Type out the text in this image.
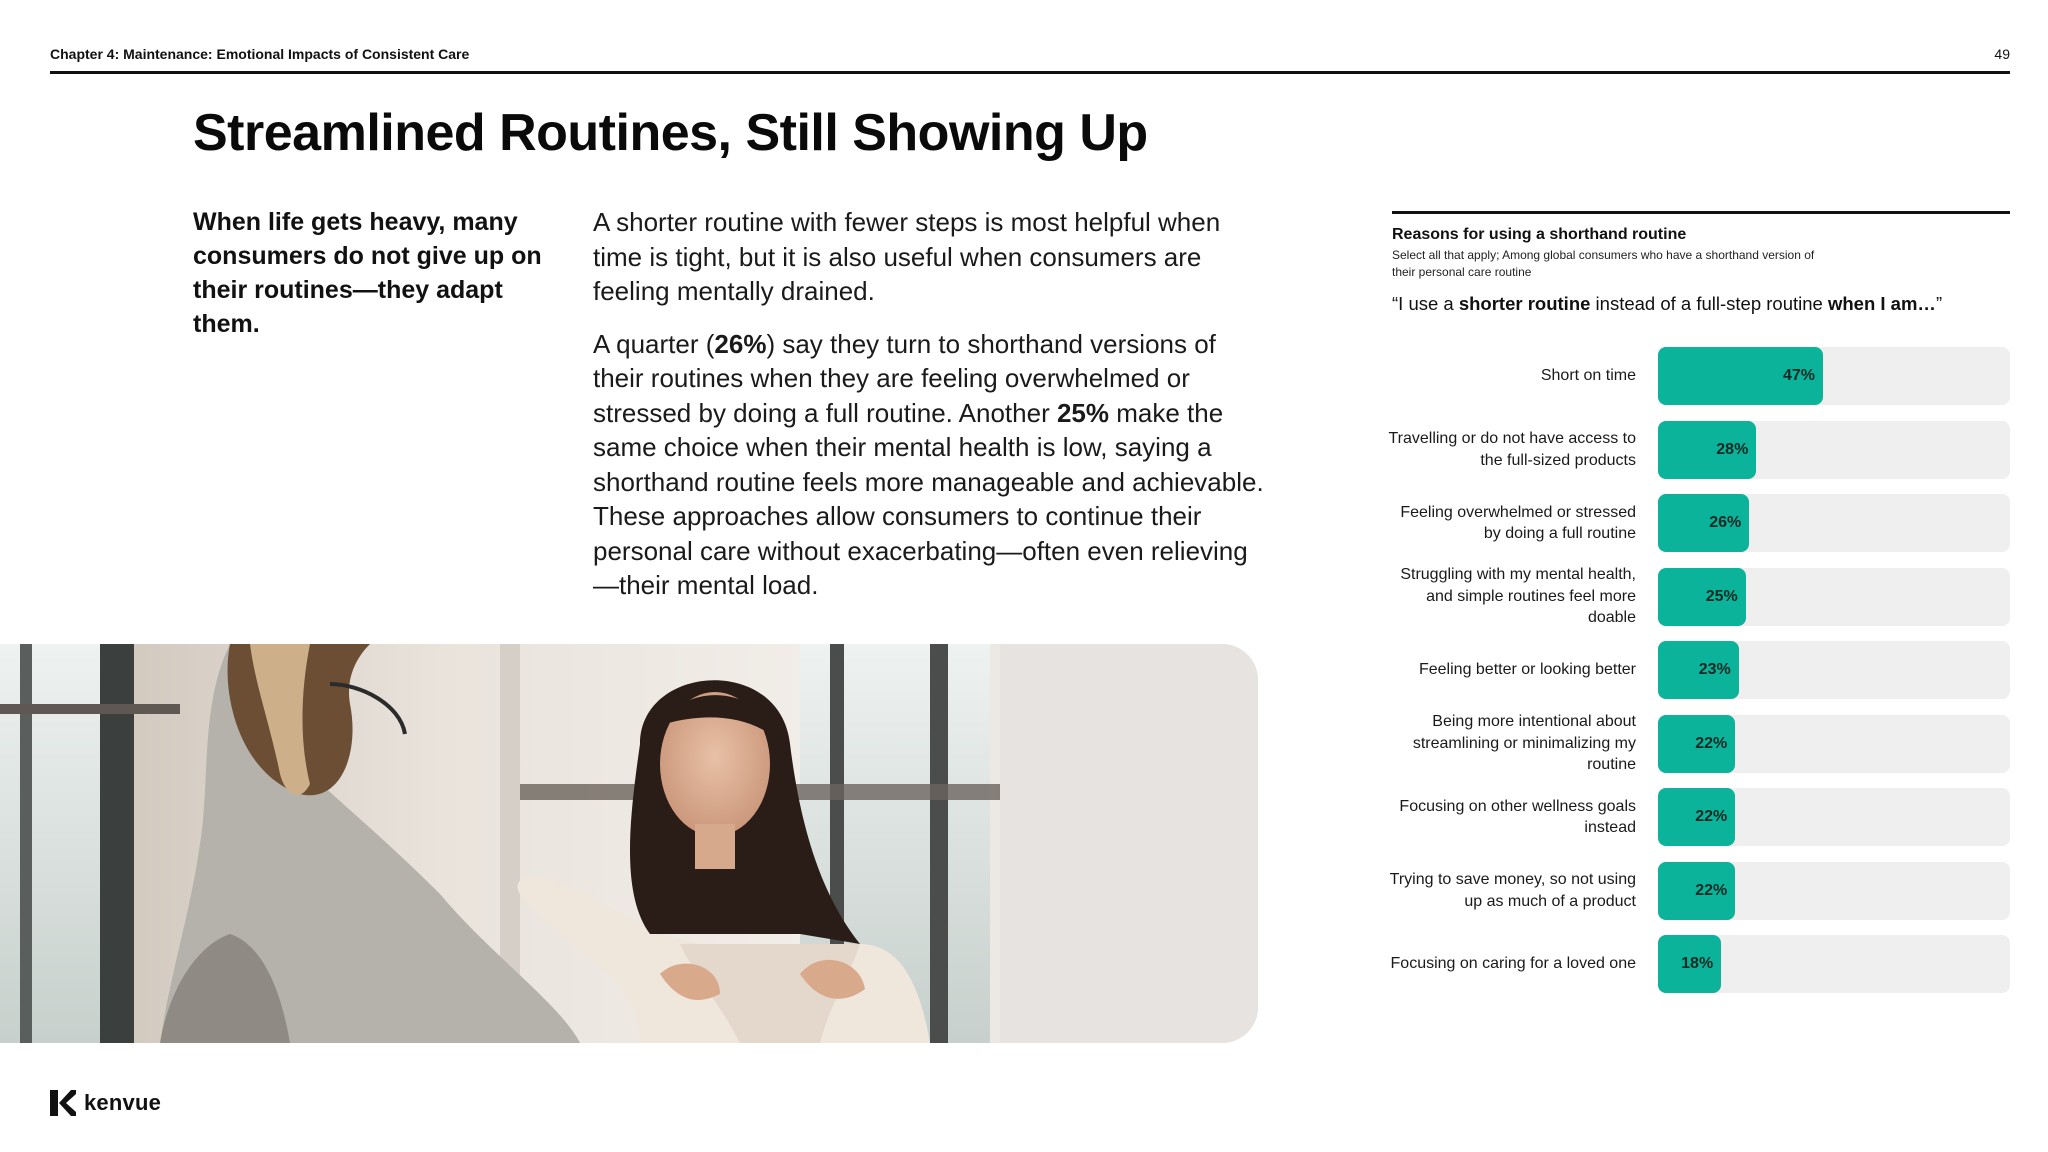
Chapter 4: Maintenance: Emotional Impacts of Consistent Care	49
Streamlined Routines, Still Showing Up
When life gets heavy, many consumers do not give up on their routines—they adapt them.

A shorter routine with fewer steps is most helpful when time is tight, but it is also useful when consumers are feeling mentally drained.

A quarter (26%) say they turn to shorthand versions of their routines when they are feeling overwhelmed or stressed by doing a full routine. Another 25% make the same choice when their mental health is low, saying a shorthand routine feels more manageable and achievable. These approaches allow consumers to continue their personal care without exacerbating—often even relieving—their mental load.

kenvue
Reasons for using a shorthand routine
Select all that apply; Among global consumers who have a shorthand version of their personal care routine
“I use a shorter routine instead of a full-step routine when I am…”
Short on time	47%
Travelling or do not have access to the full-sized products
28%
Feeling overwhelmed or stressed by doing a full routine
26%
Struggling with my mental health, and simple routines feel more doable
25%
Feeling better or looking better	23%
Being more intentional about streamlining or minimalizing my routine
22%
Focusing on other wellness goals instead
22%
Trying to save money, so not using up as much of a product
22%
Focusing on caring for a loved one	18%
